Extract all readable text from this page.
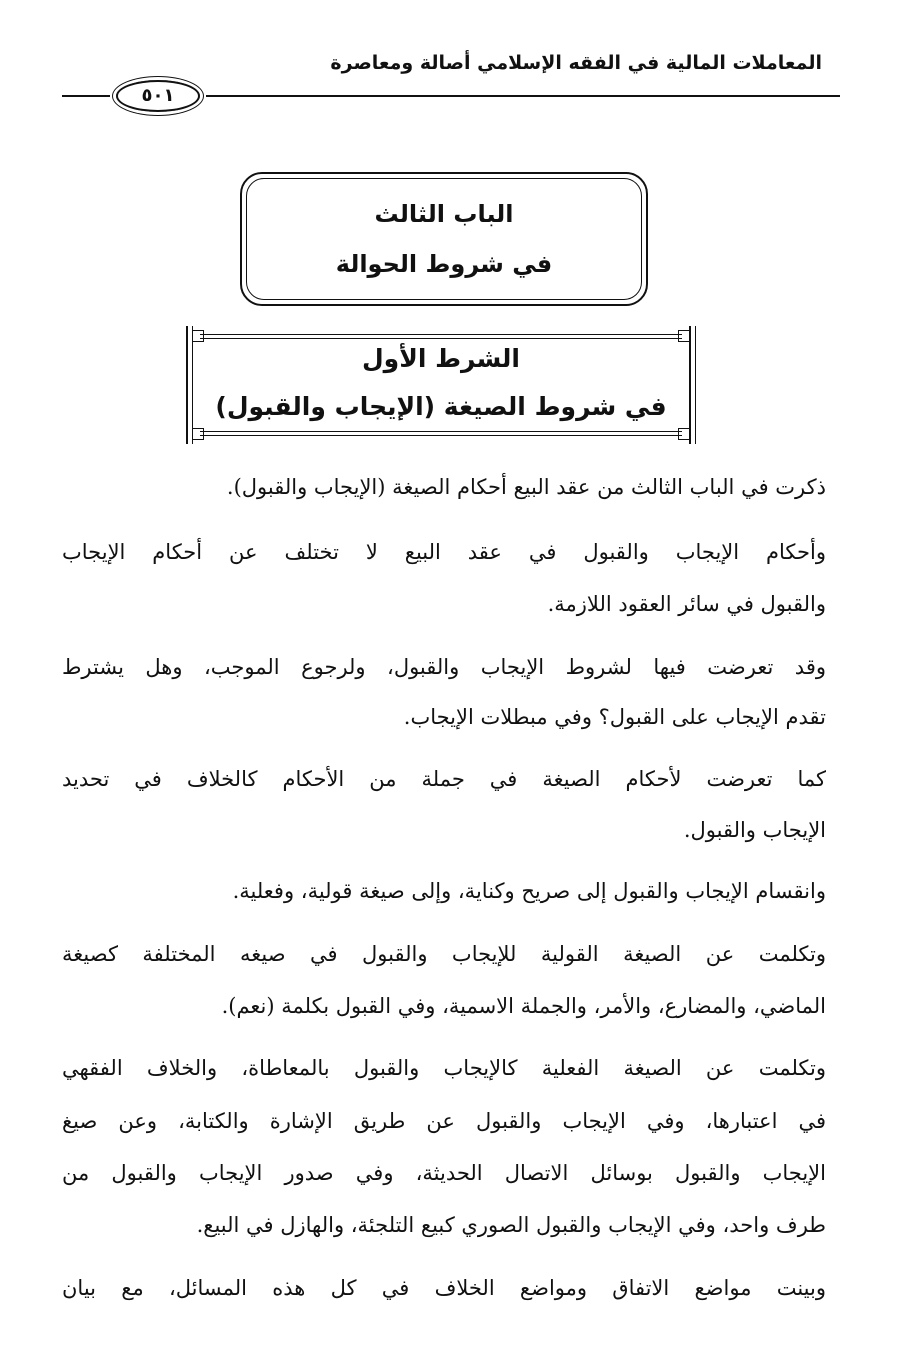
المعاملات المالية في الفقه الإسلامي أصالة ومعاصرة
٥٠١
الباب الثالث
في شروط الحوالة
الشرط الأول
في شروط الصيغة (الإيجاب والقبول)
ذكرت في الباب الثالث من عقد البيع أحكام الصيغة (الإيجاب والقبول).
وأحكام الإيجاب والقبول في عقد البيع لا تختلف عن أحكام الإيجاب
والقبول في سائر العقود اللازمة.
وقد تعرضت فيها لشروط الإيجاب والقبول، ولرجوع الموجب، وهل يشترط
تقدم الإيجاب على القبول؟ وفي مبطلات الإيجاب.
كما تعرضت لأحكام الصيغة في جملة من الأحكام كالخلاف في تحديد
الإيجاب والقبول.
وانقسام الإيجاب والقبول إلى صريح وكناية، وإلى صيغة قولية، وفعلية.
وتكلمت عن الصيغة القولية للإيجاب والقبول في صيغه المختلفة كصيغة
الماضي، والمضارع، والأمر، والجملة الاسمية، وفي القبول بكلمة (نعم).
وتكلمت عن الصيغة الفعلية كالإيجاب والقبول بالمعاطاة، والخلاف الفقهي
في اعتبارها، وفي الإيجاب والقبول عن طريق الإشارة والكتابة، وعن صيغ
الإيجاب والقبول بوسائل الاتصال الحديثة، وفي صدور الإيجاب والقبول من
طرف واحد، وفي الإيجاب والقبول الصوري كبيع التلجئة، والهازل في البيع.
وبينت مواضع الاتفاق ومواضع الخلاف في كل هذه المسائل، مع بيان
